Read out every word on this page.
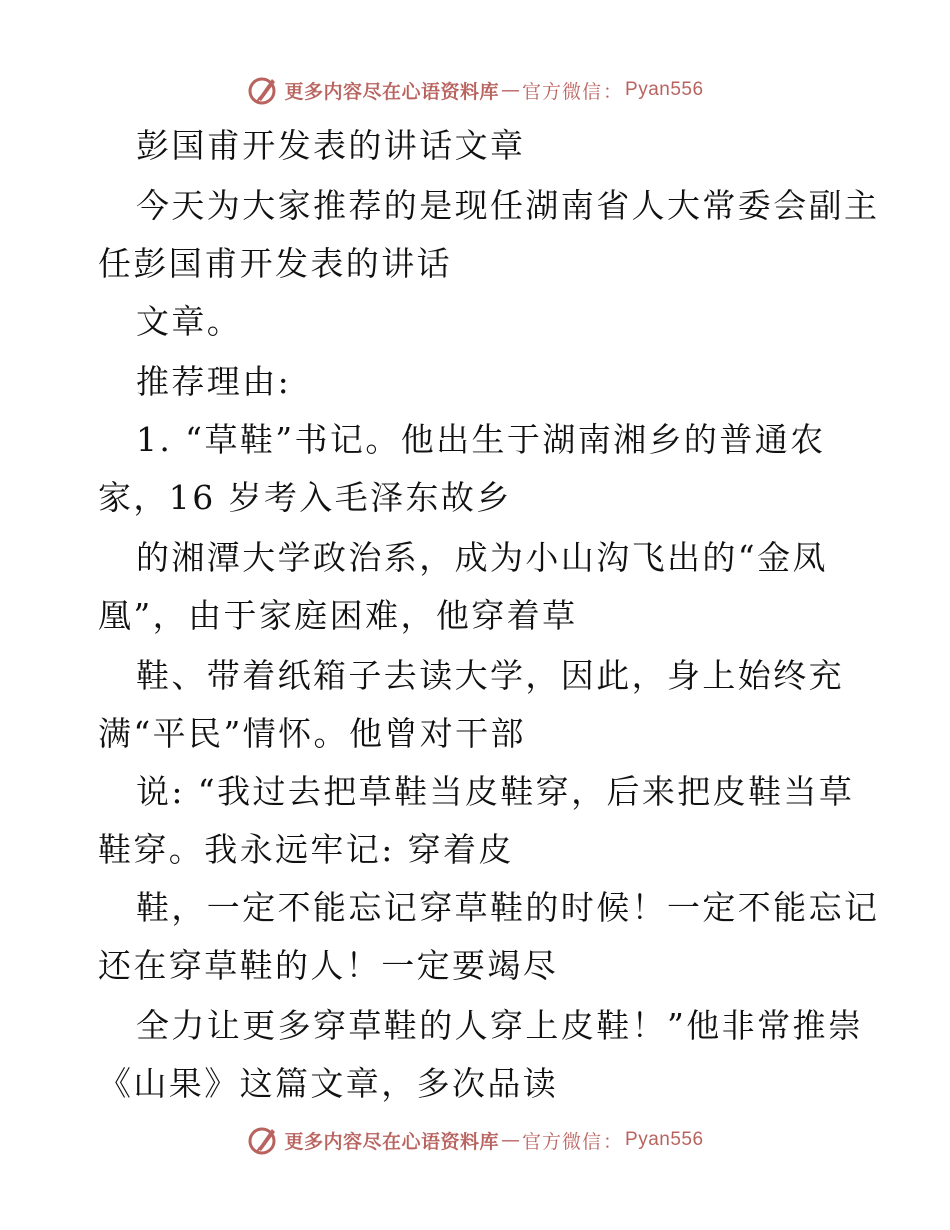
更多内容尽在心语资料库 — 官方微信 ： Pyan556
彭国甫开发表的讲话文章
今天为大家推荐的是现任湖南省人大常委会副主
任彭国甫开发表的讲话
文章。
推荐理由:
1. “草鞋”书记。他出生于湖南湘乡的普通农
家，16 岁考入毛泽东故乡
的湘潭大学政治系，成为小山沟飞出的“金凤
凰”，由于家庭困难，他穿着草
鞋、带着纸箱子去读大学，因此，身上始终充
满“平民”情怀。他曾对干部
说: “我过去把草鞋当皮鞋穿，后来把皮鞋当草
鞋穿。我永远牢记: 穿着皮
鞋，一定不能忘记穿草鞋的时候！一定不能忘记
还在穿草鞋的人！一定要竭尽
全力让更多穿草鞋的人穿上皮鞋！”他非常推崇
《山果》这篇文章，多次品读
更多内容尽在心语资料库 — 官方微信 ： Pyan556
